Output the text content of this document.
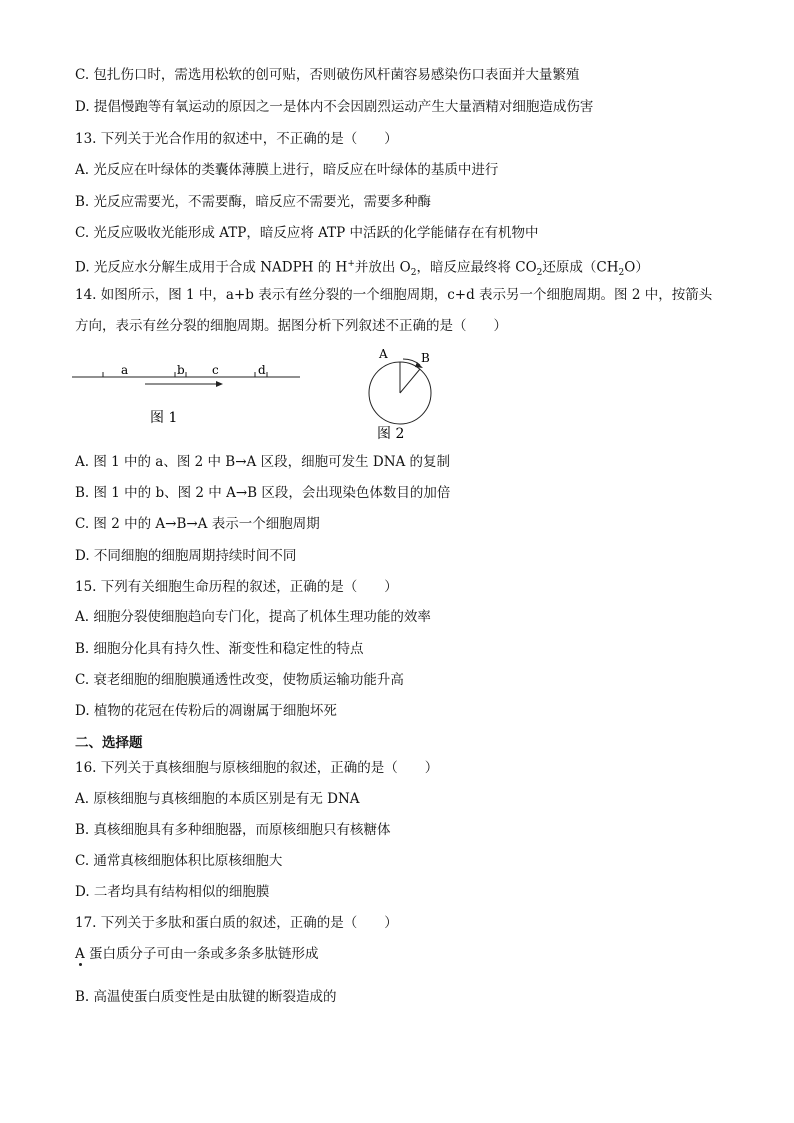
C. 包扎伤口时，需选用松软的创可贴，否则破伤风杆菌容易感染伤口表面并大量繁殖
D. 提倡慢跑等有氧运动的原因之一是体内不会因剧烈运动产生大量酒精对细胞造成伤害
13. 下列关于光合作用的叙述中，不正确的是（　　）
A. 光反应在叶绿体的类囊体薄膜上进行，暗反应在叶绿体的基质中进行
B. 光反应需要光，不需要酶，暗反应不需要光，需要多种酶
C. 光反应吸收光能形成 ATP，暗反应将 ATP 中活跃的化学能储存在有机物中
D. 光反应水分解生成用于合成 NADPH 的 H+并放出 $O_2$，暗反应最终将 $CO_2$还原成$(CH_2O)$
14. 如图所示，图 1 中，a+b 表示有丝分裂的一个细胞周期，c+d 表示另一个细胞周期。图 2 中，按箭头方向，表示有丝分裂的细胞周期。据图分析下列叙述不正确的是（　　）
a	b c	d
图 1
A	B
图 2
A. 图 1 中的 a、图 2 中 B→A 区段，细胞可发生 DNA 的复制
B. 图 1 中的 b、图 2 中 A→B 区段，会出现染色体数目的加倍
C. 图 2 中的 A→B→A 表示一个细胞周期
D. 不同细胞的细胞周期持续时间不同
15. 下列有关细胞生命历程的叙述，正确的是（　　）
A. 细胞分裂使细胞趋向专门化，提高了机体生理功能的效率
B. 细胞分化具有持久性、渐变性和稳定性的特点
C. 衰老细胞的细胞膜通透性改变，使物质运输功能升高
D. 植物的花冠在传粉后的凋谢属于细胞坏死
二、选择题
16. 下列关于真核细胞与原核细胞的叙述，正确的是（　　）
A. 原核细胞与真核细胞的本质区别是有无 DNA
B. 真核细胞具有多种细胞器，而原核细胞只有核糖体
C. 通常真核细胞体积比原核细胞大
D. 二者均具有结构相似的细胞膜
17. 下列关于多肽和蛋白质的叙述，正确的是（　　）
A 蛋白质分子可由一条或多条多肽链形成
B. 高温使蛋白质变性是由肽键的断裂造成的
